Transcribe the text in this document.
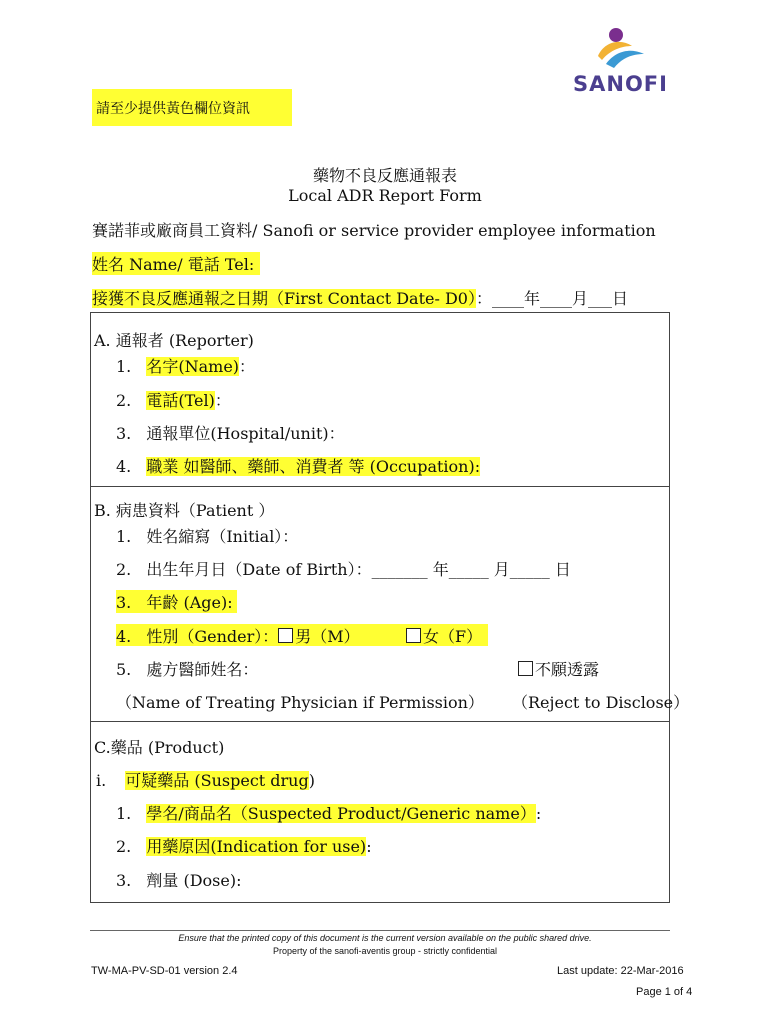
請至少提供黃色欄位資訊
SANOFI
藥物不良反應通報表
Local ADR Report Form
賽諾菲或廠商員工資料/ Sanofi or service provider employee information
姓名 Name/ 電話 Tel:
接獲不良反應通報之日期（First Contact Date- D0）：____年____月___日
A. 通報者 (Reporter)
1. 名字(Name)：
2. 電話(Tel)：
3. 通報單位(Hospital/unit)：
4. 職業 如醫師、藥師、消費者 等 (Occupation):
B. 病患資料（Patient ）
1. 姓名縮寫（Initial）：
2. 出生年月日（Date of Birth）：_______ 年_____ 月_____ 日
3. 年齡 (Age):
4. 性別（Gender）： 男（M）	女（F）
5. 處方醫師姓名：	不願透露
（Name of Treating Physician if Permission） （Reject to Disclose）
C.藥品 (Product)
i. 可疑藥品 (Suspect drug)
1. 學名/商品名（Suspected Product/Generic name）:
2. 用藥原因(Indication for use):
3. 劑量 (Dose):
Ensure that the printed copy of this document is the current version available on the public shared drive.
Property of the sanofi-aventis group - strictly confidential
TW-MA-PV-SD-01 version 2.4	Last update: 22-Mar-2016
Page 1 of 4
